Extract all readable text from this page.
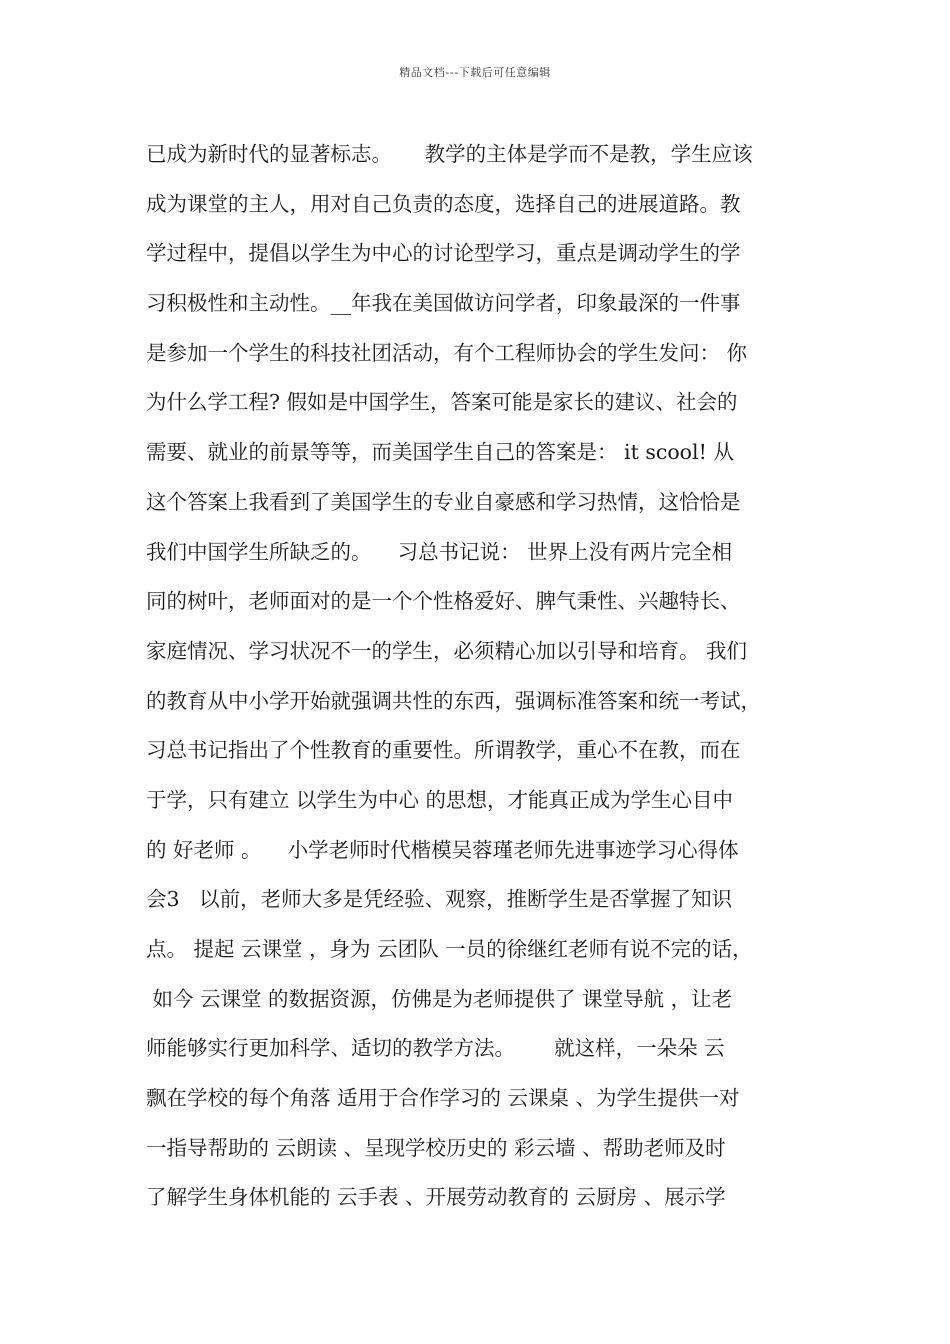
精品文档---下载后可任意编辑
已成为新时代的显著标志。     教学的主体是学而不是教，学生应该
成为课堂的主人，用对自己负责的态度，选择自己的进展道路。教
学过程中，提倡以学生为中心的讨论型学习，重点是调动学生的学
习积极性和主动性。__年我在美国做访问学者，印象最深的一件事
是参加一个学生的科技社团活动，有个工程师协会的学生发问： 你
为什么学工程? 假如是中国学生，答案可能是家长的建议、社会的
需要、就业的前景等等，而美国学生自己的答案是： it scool! 从
这个答案上我看到了美国学生的专业自豪感和学习热情，这恰恰是
我们中国学生所缺乏的。    习总书记说： 世界上没有两片完全相
同的树叶，老师面对的是一个个性格爱好、脾气秉性、兴趣特长、
家庭情况、学习状况不一的学生，必须精心加以引导和培育。 我们
的教育从中小学开始就强调共性的东西，强调标准答案和统一考试，
习总书记指出了个性教育的重要性。所谓教学，重心不在教，而在
于学，只有建立 以学生为中心 的思想，才能真正成为学生心目中
的 好老师 。    小学老师时代楷模吴蓉瑾老师先进事迹学习心得体
会3   以前，老师大多是凭经验、观察，推断学生是否掌握了知识
点。 提起 云课堂 ，身为 云团队 一员的徐继红老师有说不完的话，
如今 云课堂 的数据资源，仿佛是为老师提供了 课堂导航 ，让老
师能够实行更加科学、适切的教学方法。      就这样，一朵朵 云
飘在学校的每个角落 适用于合作学习的 云课桌 、为学生提供一对
一指导帮助的 云朗读 、呈现学校历史的 彩云墙 、帮助老师及时
了解学生身体机能的 云手表 、开展劳动教育的 云厨房 、展示学
